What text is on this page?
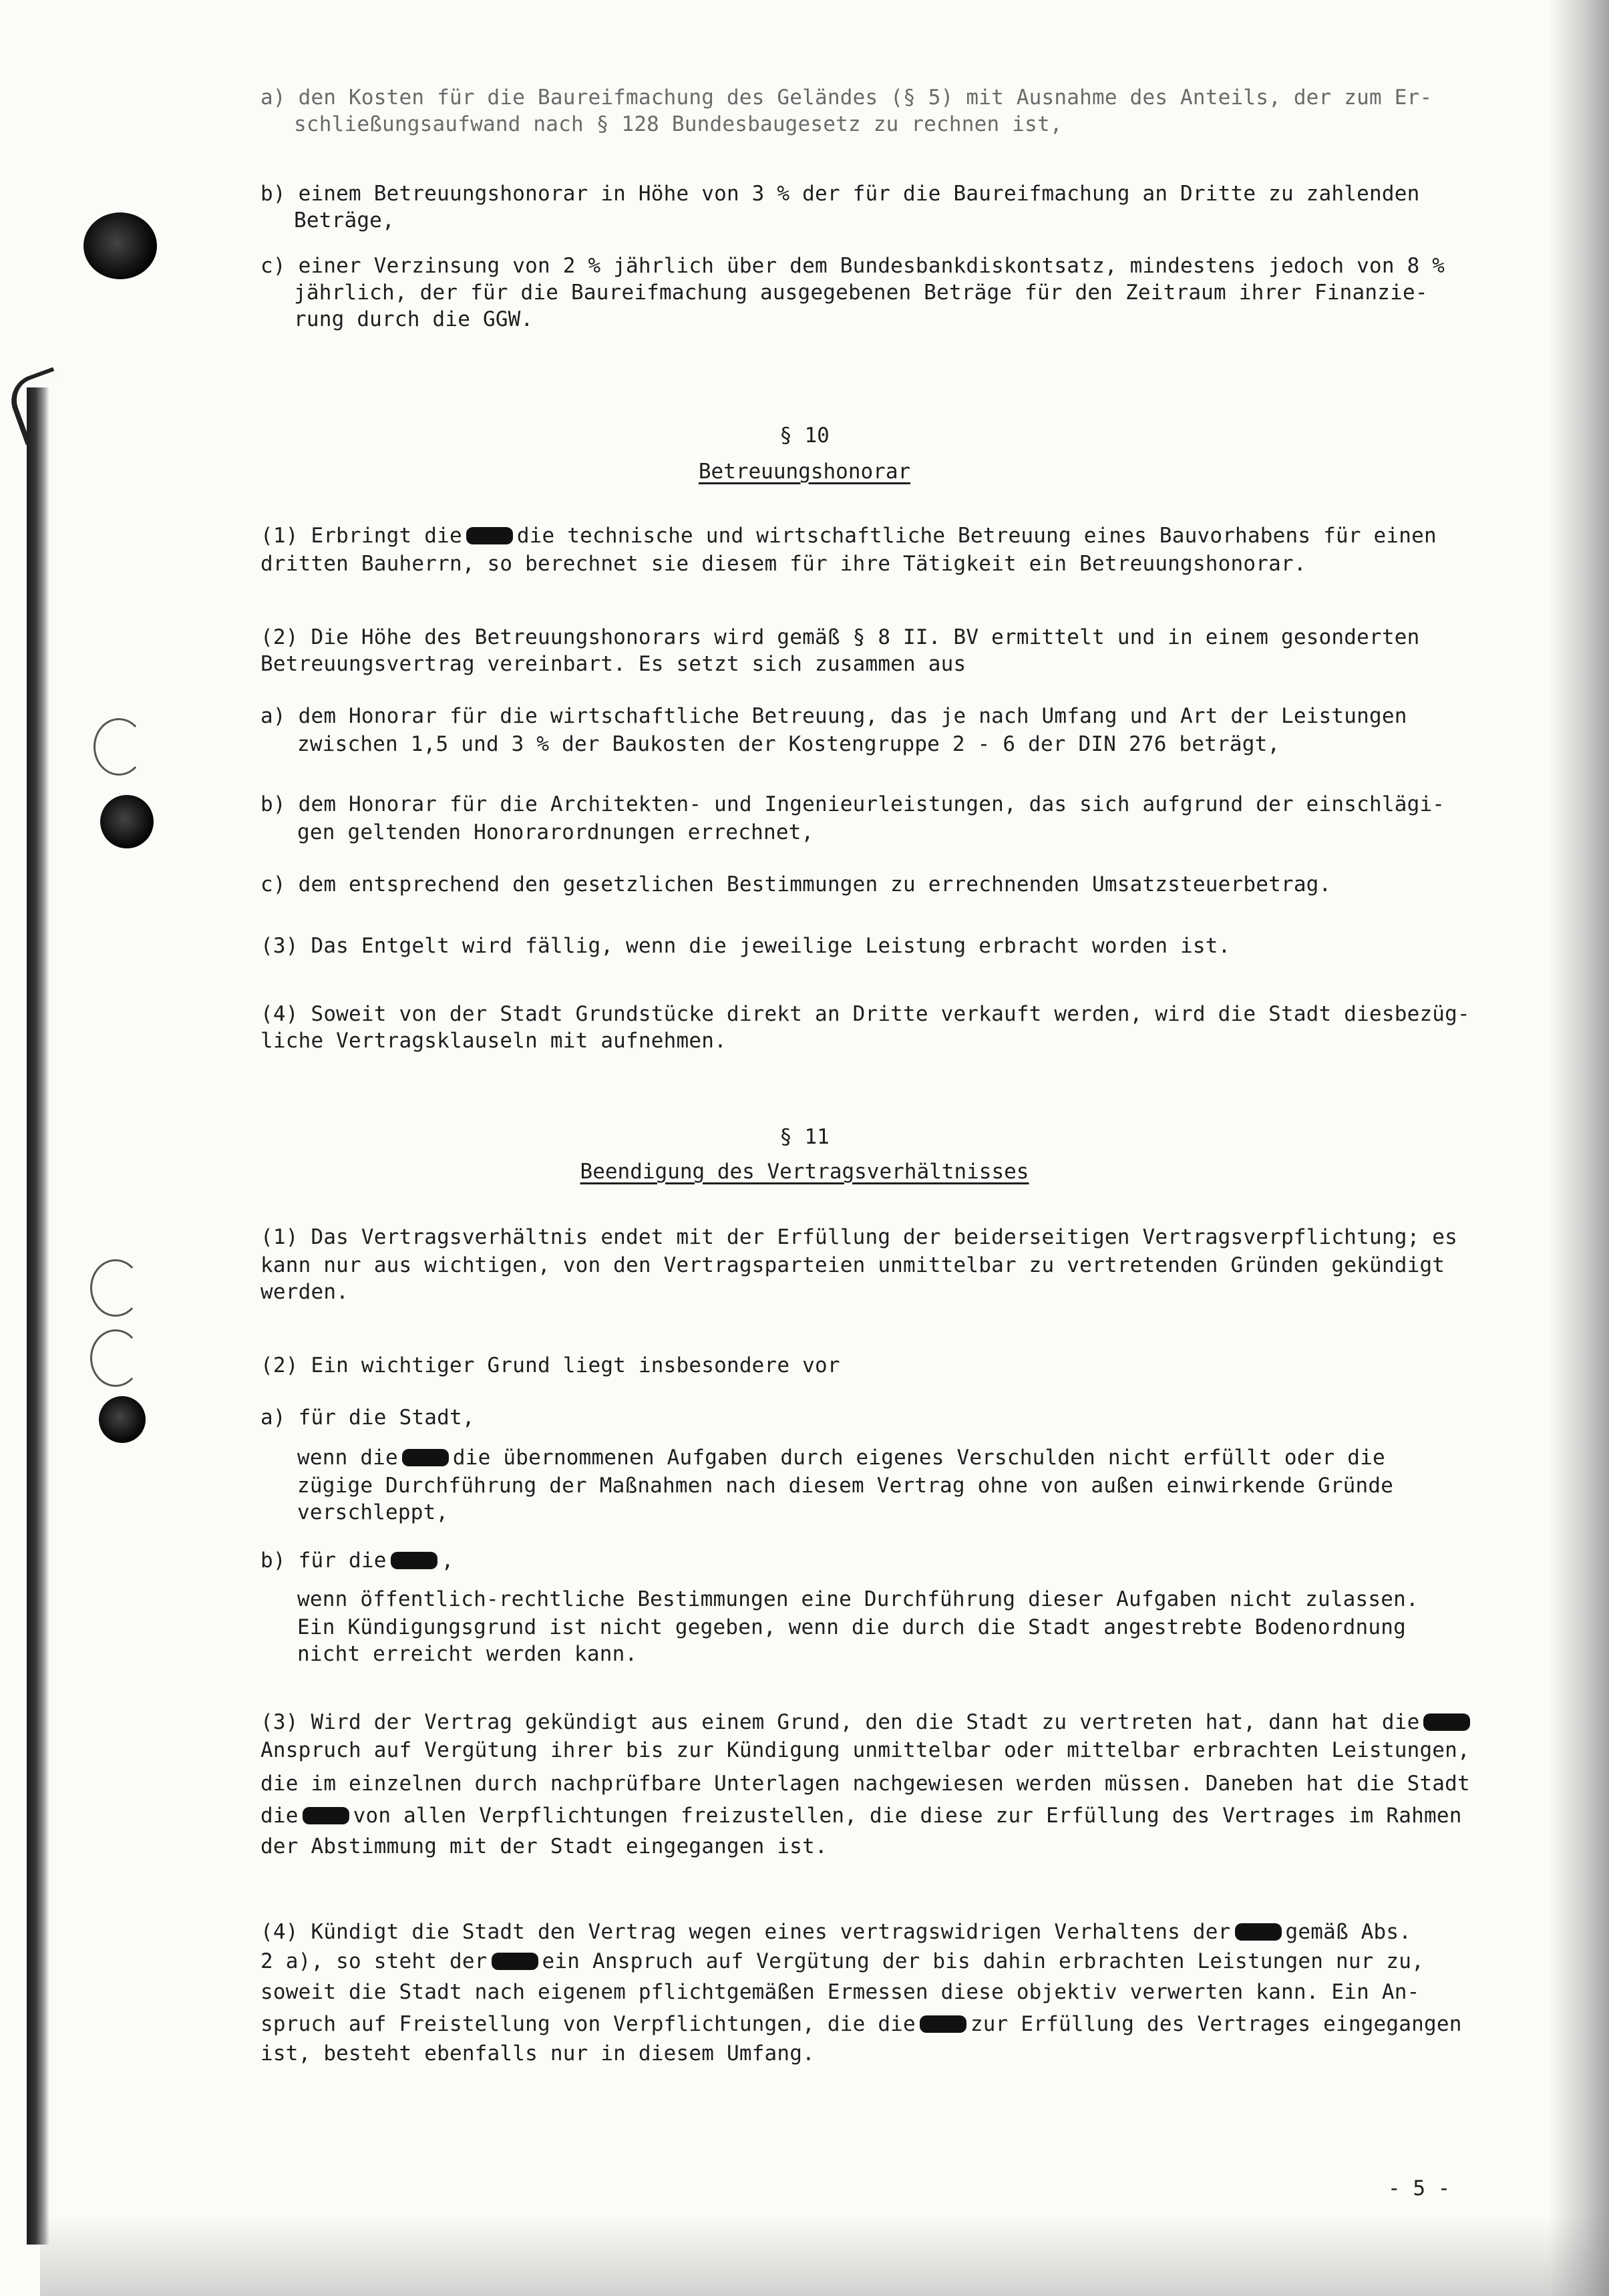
a) den Kosten für die Baureifmachung des Geländes (§ 5) mit Ausnahme des Anteils, der zum Er-
schließungsaufwand nach § 128 Bundesbaugesetz zu rechnen ist,
b) einem Betreuungshonorar in Höhe von 3 % der für die Baureifmachung an Dritte zu zahlenden
Beträge,
c) einer Verzinsung von 2 % jährlich über dem Bundesbankdiskontsatz, mindestens jedoch von 8 %
jährlich, der für die Baureifmachung ausgegebenen Beträge für den Zeitraum ihrer Finanzie-
rung durch die GGW.
§ 10
Betreuungshonorar
(1) Erbringt die	die technische und wirtschaftliche Betreuung eines Bauvorhabens für einen
dritten Bauherrn, so berechnet sie diesem für ihre Tätigkeit ein Betreuungshonorar.
(2) Die Höhe des Betreuungshonorars wird gemäß § 8 II. BV ermittelt und in einem gesonderten
Betreuungsvertrag vereinbart. Es setzt sich zusammen aus
a) dem Honorar für die wirtschaftliche Betreuung, das je nach Umfang und Art der Leistungen
zwischen 1,5 und 3 % der Baukosten der Kostengruppe 2 - 6 der DIN 276 beträgt,
b) dem Honorar für die Architekten- und Ingenieurleistungen, das sich aufgrund der einschlägi-
gen geltenden Honorarordnungen errechnet,
c) dem entsprechend den gesetzlichen Bestimmungen zu errechnenden Umsatzsteuerbetrag.
(3) Das Entgelt wird fällig, wenn die jeweilige Leistung erbracht worden ist.
(4) Soweit von der Stadt Grundstücke direkt an Dritte verkauft werden, wird die Stadt diesbezüg-
liche Vertragsklauseln mit aufnehmen.
§ 11
Beendigung des Vertragsverhältnisses
(1) Das Vertragsverhältnis endet mit der Erfüllung der beiderseitigen Vertragsverpflichtung; es
kann nur aus wichtigen, von den Vertragsparteien unmittelbar zu vertretenden Gründen gekündigt
werden.
(2) Ein wichtiger Grund liegt insbesondere vor
a) für die Stadt,
wenn die	die übernommenen Aufgaben durch eigenes Verschulden nicht erfüllt oder die
zügige Durchführung der Maßnahmen nach diesem Vertrag ohne von außen einwirkende Gründe
verschleppt,
b) für die	,
wenn öffentlich-rechtliche Bestimmungen eine Durchführung dieser Aufgaben nicht zulassen.
Ein Kündigungsgrund ist nicht gegeben, wenn die durch die Stadt angestrebte Bodenordnung
nicht erreicht werden kann.
(3) Wird der Vertrag gekündigt aus einem Grund, den die Stadt zu vertreten hat, dann hat die
Anspruch auf Vergütung ihrer bis zur Kündigung unmittelbar oder mittelbar erbrachten Leistungen,
die im einzelnen durch nachprüfbare Unterlagen nachgewiesen werden müssen. Daneben hat die Stadt
die	von allen Verpflichtungen freizustellen, die diese zur Erfüllung des Vertrages im Rahmen
der Abstimmung mit der Stadt eingegangen ist.
(4) Kündigt die Stadt den Vertrag wegen eines vertragswidrigen Verhaltens der	gemäß Abs.
2 a), so steht der	ein Anspruch auf Vergütung der bis dahin erbrachten Leistungen nur zu,
soweit die Stadt nach eigenem pflichtgemäßen Ermessen diese objektiv verwerten kann. Ein An-
spruch auf Freistellung von Verpflichtungen, die die	zur Erfüllung des Vertrages eingegangen
ist, besteht ebenfalls nur in diesem Umfang.
- 5 -
